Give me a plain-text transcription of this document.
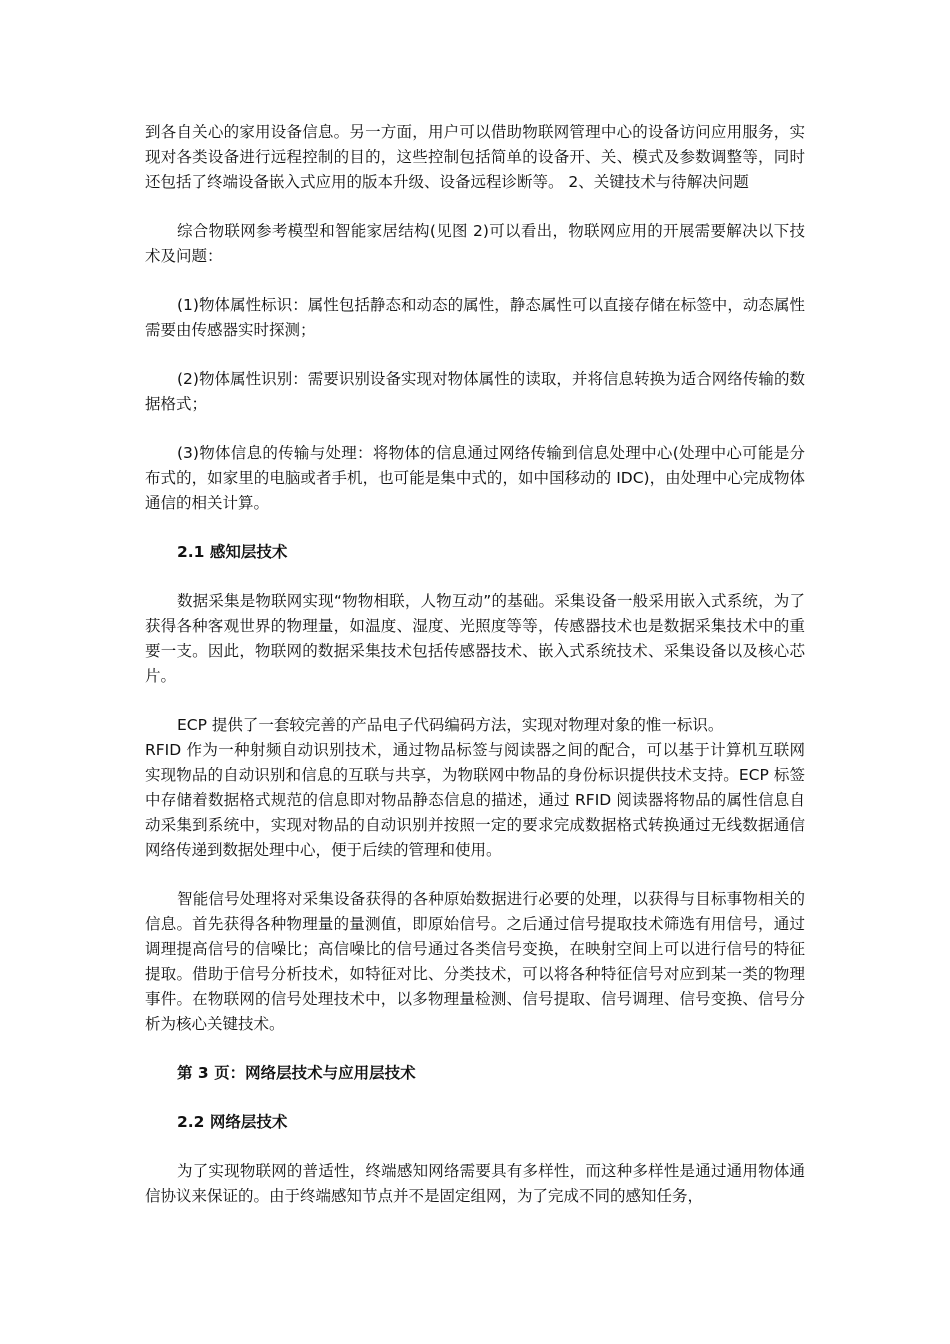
到各自关心的家用设备信息。另一方面，用户可以借助物联网管理中心的设备访问应用服务，实现对各类设备进行远程控制的目的，这些控制包括简单的设备开、关、模式及参数调整等，同时还包括了终端设备嵌入式应用的版本升级、设备远程诊断等。 2、关键技术与待解决问题

综合物联网参考模型和智能家居结构(见图 2)可以看出，物联网应用的开展需要解决以下技术及问题：

(1)物体属性标识：属性包括静态和动态的属性，静态属性可以直接存储在标签中，动态属性需要由传感器实时探测；

(2)物体属性识别：需要识别设备实现对物体属性的读取，并将信息转换为适合网络传输的数据格式；

(3)物体信息的传输与处理：将物体的信息通过网络传输到信息处理中心(处理中心可能是分布式的，如家里的电脑或者手机，也可能是集中式的，如中国移动的 IDC)，由处理中心完成物体通信的相关计算。

2.1 感知层技术

数据采集是物联网实现“物物相联，人物互动”的基础。采集设备一般采用嵌入式系统，为了获得各种客观世界的物理量，如温度、湿度、光照度等等，传感器技术也是数据采集技术中的重要一支。因此，物联网的数据采集技术包括传感器技术、嵌入式系统技术、采集设备以及核心芯片。

ECP 提供了一套较完善的产品电子代码编码方法，实现对物理对象的惟一标识。

RFID 作为一种射频自动识别技术，通过物品标签与阅读器之间的配合，可以基于计算机互联网实现物品的自动识别和信息的互联与共享，为物联网中物品的身份标识提供技术支持。ECP 标签中存储着数据格式规范的信息即对物品静态信息的描述，通过 RFID 阅读器将物品的属性信息自动采集到系统中，实现对物品的自动识别并按照一定的要求完成数据格式转换通过无线数据通信网络传递到数据处理中心，便于后续的管理和使用。

智能信号处理将对采集设备获得的各种原始数据进行必要的处理，以获得与目标事物相关的信息。首先获得各种物理量的量测值，即原始信号。之后通过信号提取技术筛选有用信号，通过调理提高信号的信噪比；高信噪比的信号通过各类信号变换，在映射空间上可以进行信号的特征提取。借助于信号分析技术，如特征对比、分类技术，可以将各种特征信号对应到某一类的物理事件。在物联网的信号处理技术中，以多物理量检测、信号提取、信号调理、信号变换、信号分析为核心关键技术。

第 3 页：网络层技术与应用层技术

2.2 网络层技术

为了实现物联网的普适性，终端感知网络需要具有多样性，而这种多样性是通过通用物体通信协议来保证的。由于终端感知节点并不是固定组网，为了完成不同的感知任务，
